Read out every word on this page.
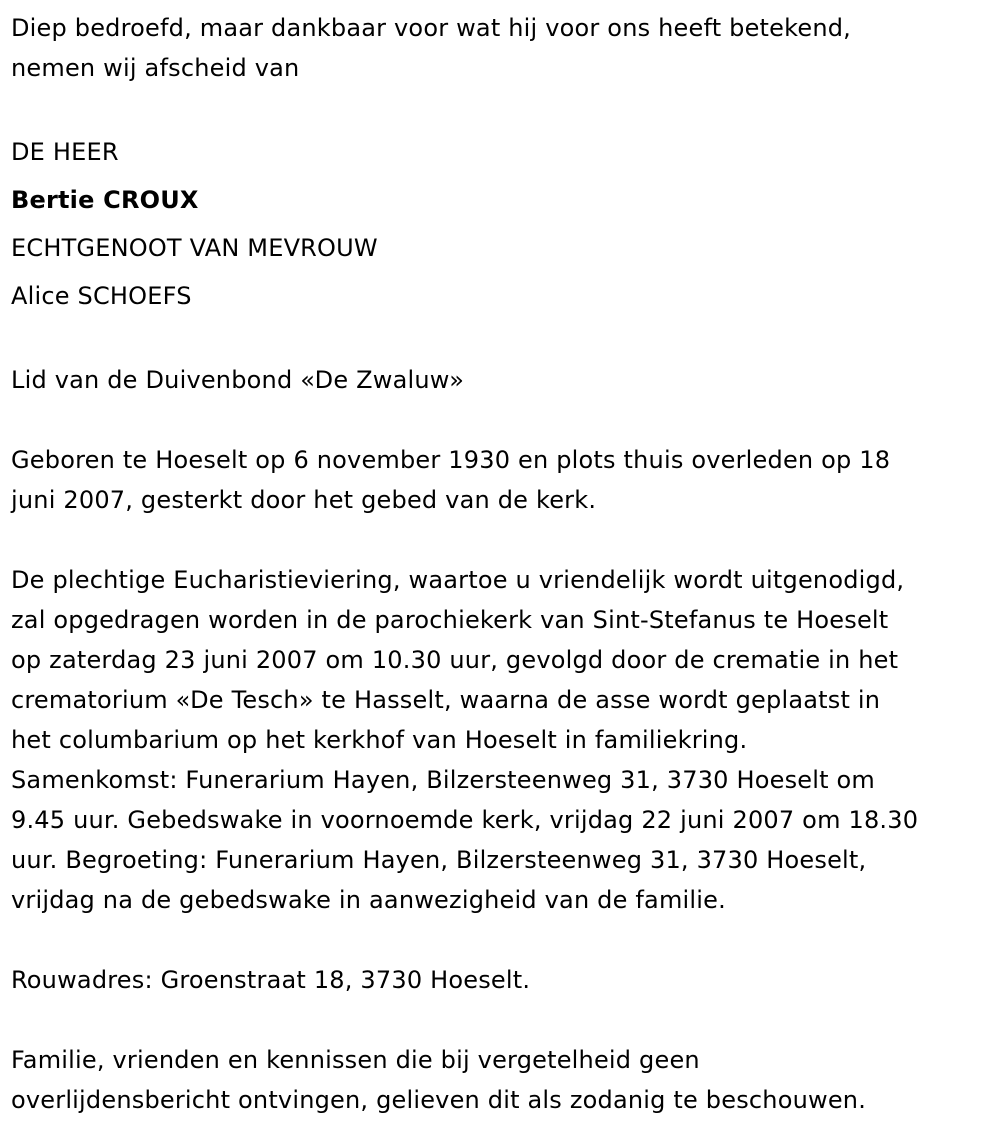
Diep bedroefd, maar dankbaar voor wat hij voor ons heeft betekend,

nemen wij afscheid van

DE HEER

Bertie CROUX

ECHTGENOOT VAN MEVROUW

Alice SCHOEFS

Lid van de Duivenbond «De Zwaluw»

Geboren te Hoeselt op 6 november 1930 en plots thuis overleden op 18

juni 2007, gesterkt door het gebed van de kerk.

De plechtige Eucharistieviering, waartoe u vriendelijk wordt uitgenodigd,

zal opgedragen worden in de parochiekerk van Sint-Stefanus te Hoeselt

op zaterdag 23 juni 2007 om 10.30 uur, gevolgd door de crematie in het

crematorium «De Tesch» te Hasselt, waarna de asse wordt geplaatst in

het columbarium op het kerkhof van Hoeselt in familiekring.

Samenkomst: Funerarium Hayen, Bilzersteenweg 31, 3730 Hoeselt om

9.45 uur. Gebedswake in voornoemde kerk, vrijdag 22 juni 2007 om 18.30

uur. Begroeting: Funerarium Hayen, Bilzersteenweg 31, 3730 Hoeselt,

vrijdag na de gebedswake in aanwezigheid van de familie.

Rouwadres: Groenstraat 18, 3730 Hoeselt.

Familie, vrienden en kennissen die bij vergetelheid geen

overlijdensbericht ontvingen, gelieven dit als zodanig te beschouwen.
